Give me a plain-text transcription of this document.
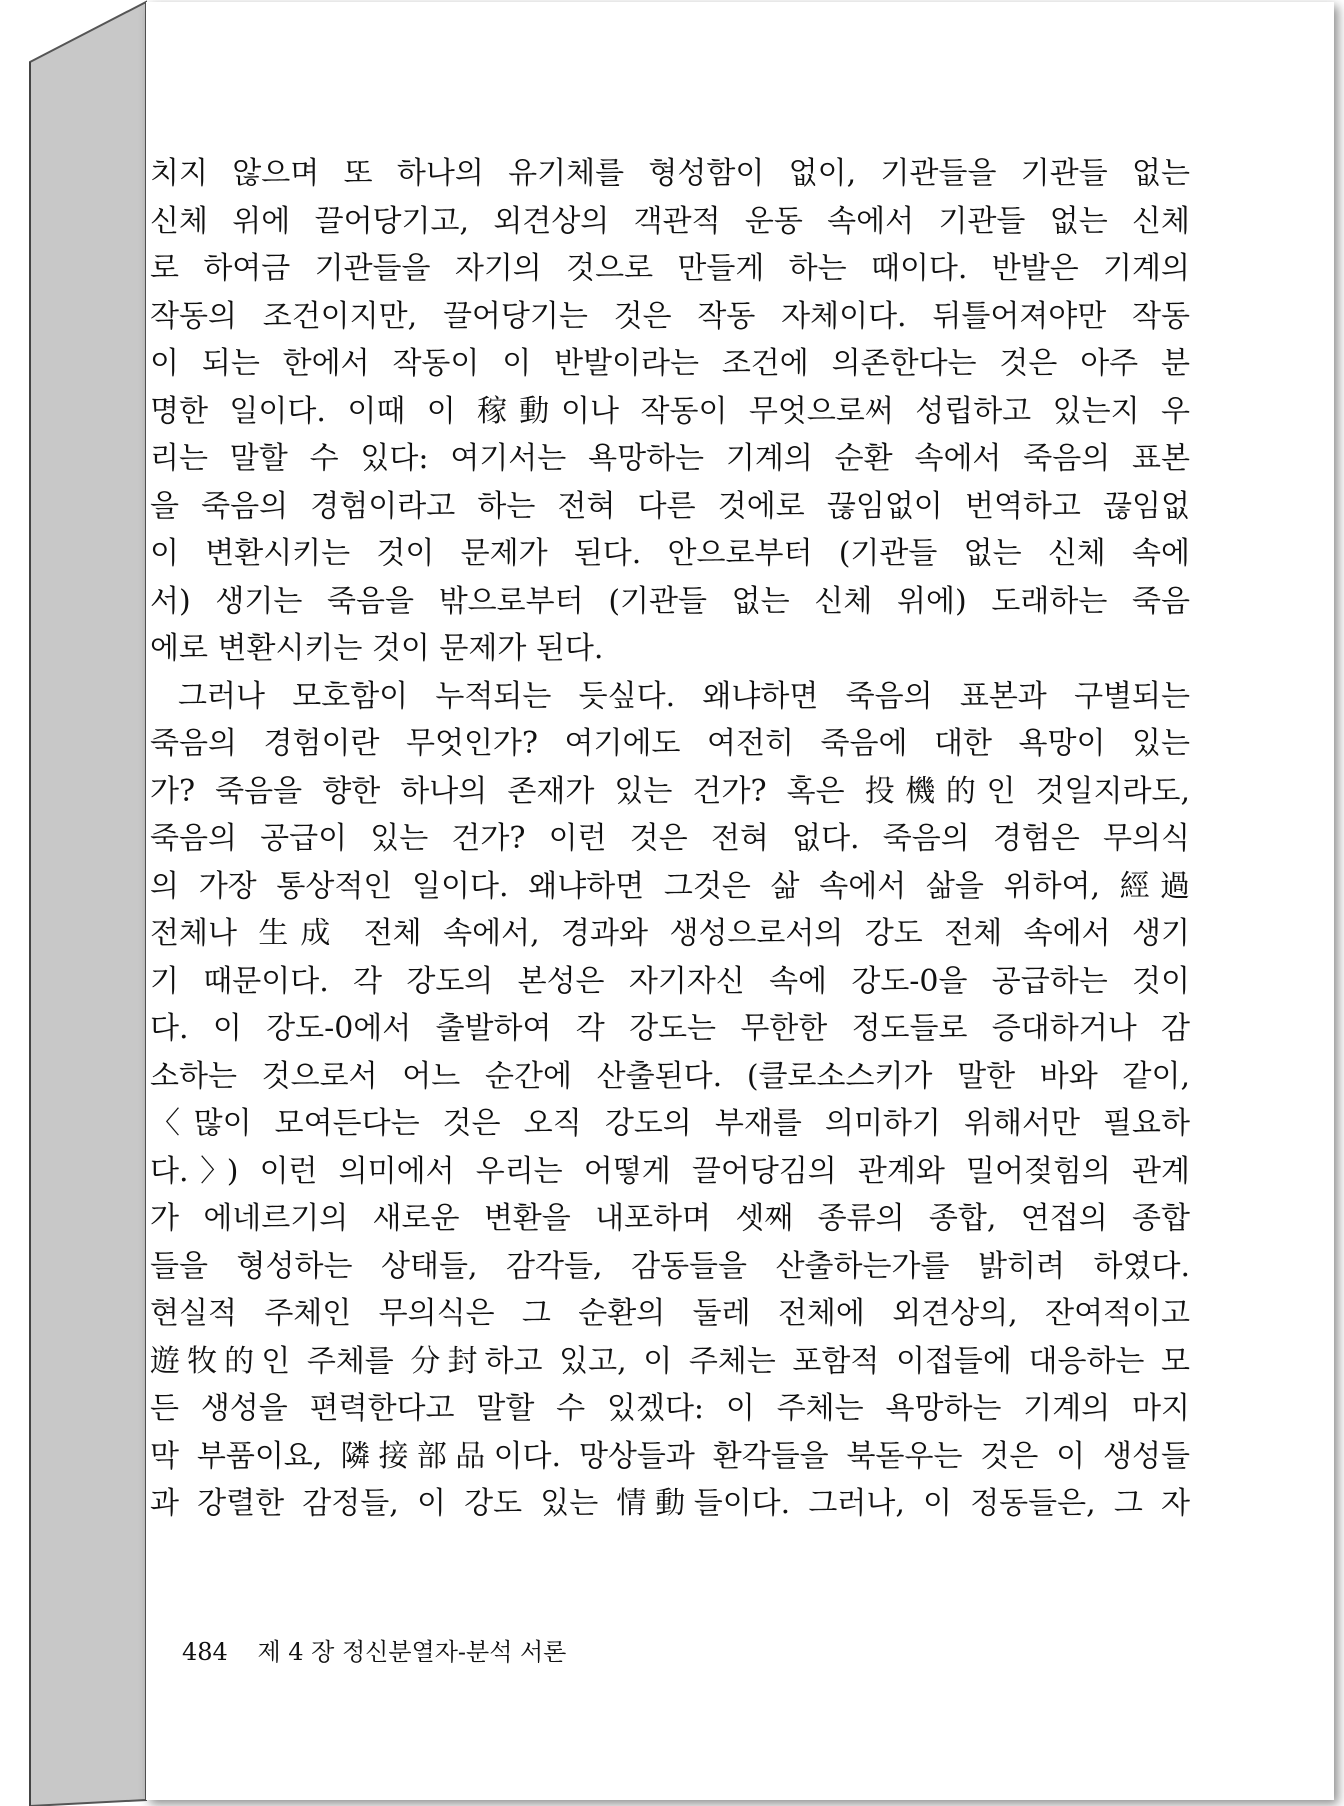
치지 않으며 또 하나의 유기체를 형성함이 없이, 기관들을 기관들 없는
신체 위에 끌어당기고, 외견상의 객관적 운동 속에서 기관들 없는 신체
로 하여금 기관들을 자기의 것으로 만들게 하는 때이다. 반발은 기계의
작동의 조건이지만, 끌어당기는 것은 작동 자체이다. 뒤틀어져야만 작동
이 되는 한에서 작동이 이 반발이라는 조건에 의존한다는 것은 아주 분
명한 일이다. 이때 이 稼動이나 작동이 무엇으로써 성립하고 있는지 우
리는 말할 수 있다: 여기서는 욕망하는 기계의 순환 속에서 죽음의 표본
을 죽음의 경험이라고 하는 전혀 다른 것에로 끊임없이 번역하고 끊임없
이 변환시키는 것이 문제가 된다. 안으로부터 (기관들 없는 신체 속에
서) 생기는 죽음을 밖으로부터 (기관들 없는 신체 위에) 도래하는 죽음
에로 변환시키는 것이 문제가 된다.
그러나 모호함이 누적되는 듯싶다. 왜냐하면 죽음의 표본과 구별되는
죽음의 경험이란 무엇인가? 여기에도 여전히 죽음에 대한 욕망이 있는
가? 죽음을 향한 하나의 존재가 있는 건가? 혹은 投機的인 것일지라도,
죽음의 공급이 있는 건가? 이런 것은 전혀 없다. 죽음의 경험은 무의식
의 가장 통상적인 일이다. 왜냐하면 그것은 삶 속에서 삶을 위하여, 經過
전체나 生成 전체 속에서, 경과와 생성으로서의 강도 전체 속에서 생기
기 때문이다. 각 강도의 본성은 자기자신 속에 강도-0을 공급하는 것이
다. 이 강도-0에서 출발하여 각 강도는 무한한 정도들로 증대하거나 감
소하는 것으로서 어느 순간에 산출된다. (클로소스키가 말한 바와 같이,
〈많이 모여든다는 것은 오직 강도의 부재를 의미하기 위해서만 필요하
다.〉) 이런 의미에서 우리는 어떻게 끌어당김의 관계와 밀어젖힘의 관계
가 에네르기의 새로운 변환을 내포하며 셋째 종류의 종합, 연접의 종합
들을 형성하는 상태들, 감각들, 감동들을 산출하는가를 밝히려 하였다.
현실적 주체인 무의식은 그 순환의 둘레 전체에 외견상의, 잔여적이고
遊牧的인 주체를 分封하고 있고, 이 주체는 포함적 이접들에 대응하는 모
든 생성을 편력한다고 말할 수 있겠다: 이 주체는 욕망하는 기계의 마지
막 부품이요, 隣接部品이다. 망상들과 환각들을 북돋우는 것은 이 생성들
과 강렬한 감정들, 이 강도 있는 情動들이다. 그러나, 이 정동들은, 그 자
484 제 4 장 정신분열자-분석 서론
